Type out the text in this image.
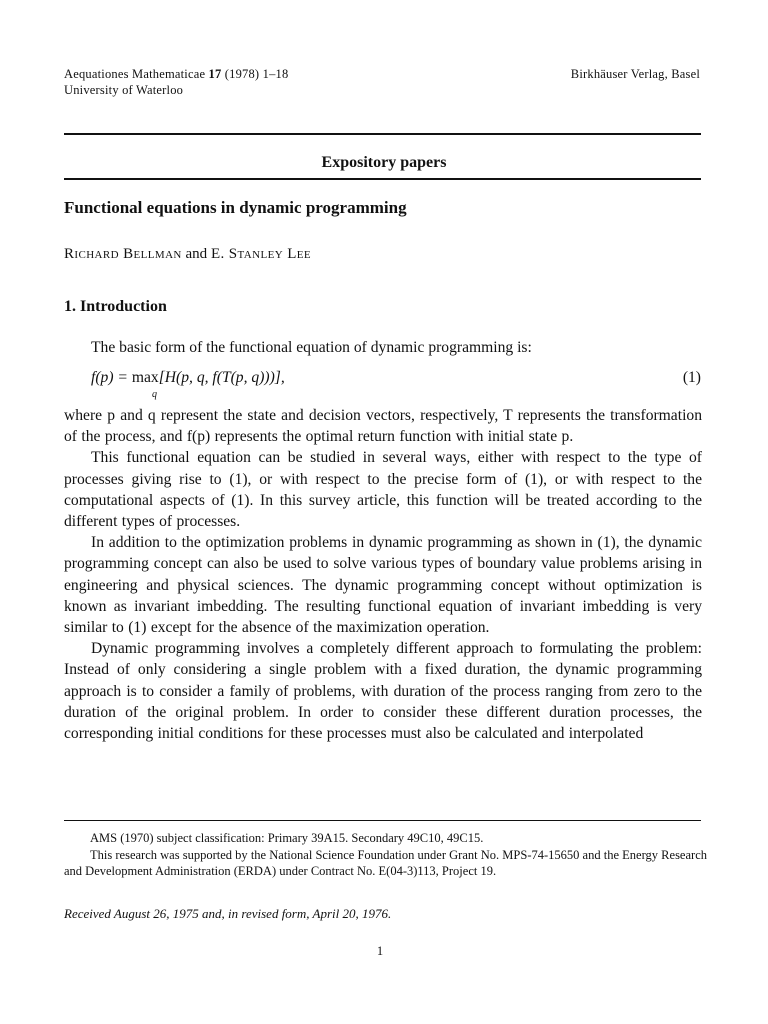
Aequationes Mathematicae 17 (1978) 1–18
University of Waterloo
Birkhäuser Verlag, Basel
Expository papers
Functional equations in dynamic programming
Richard Bellman and E. Stanley Lee
1. Introduction
The basic form of the functional equation of dynamic programming is:
f(p) = max[H(p, q, f(T(p, q)))],
q
(1)

where p and q represent the state and decision vectors, respectively, T represents the transformation of the process, and f(p) represents the optimal return function with initial state p.

This functional equation can be studied in several ways, either with respect to the type of processes giving rise to (1), or with respect to the precise form of (1), or with respect to the computational aspects of (1). In this survey article, this function will be treated according to the different types of processes.

In addition to the optimization problems in dynamic programming as shown in (1), the dynamic programming concept can also be used to solve various types of boundary value problems arising in engineering and physical sciences. The dynamic programming concept without optimization is known as invariant imbedding. The resulting functional equation of invariant imbedding is very similar to (1) except for the absence of the maximization operation.

Dynamic programming involves a completely different approach to formulating the problem: Instead of only considering a single problem with a fixed duration, the dynamic programming approach is to consider a family of problems, with duration of the process ranging from zero to the duration of the original problem. In order to consider these different duration processes, the corresponding initial conditions for these processes must also be calculated and interpolated

AMS (1970) subject classification: Primary 39A15. Secondary 49C10, 49C15.

This research was supported by the National Science Foundation under Grant No. MPS-74-15650 and the Energy Research and Development Administration (ERDA) under Contract No. E(04-3)113, Project 19.

Received August 26, 1975 and, in revised form, April 20, 1976.
1
